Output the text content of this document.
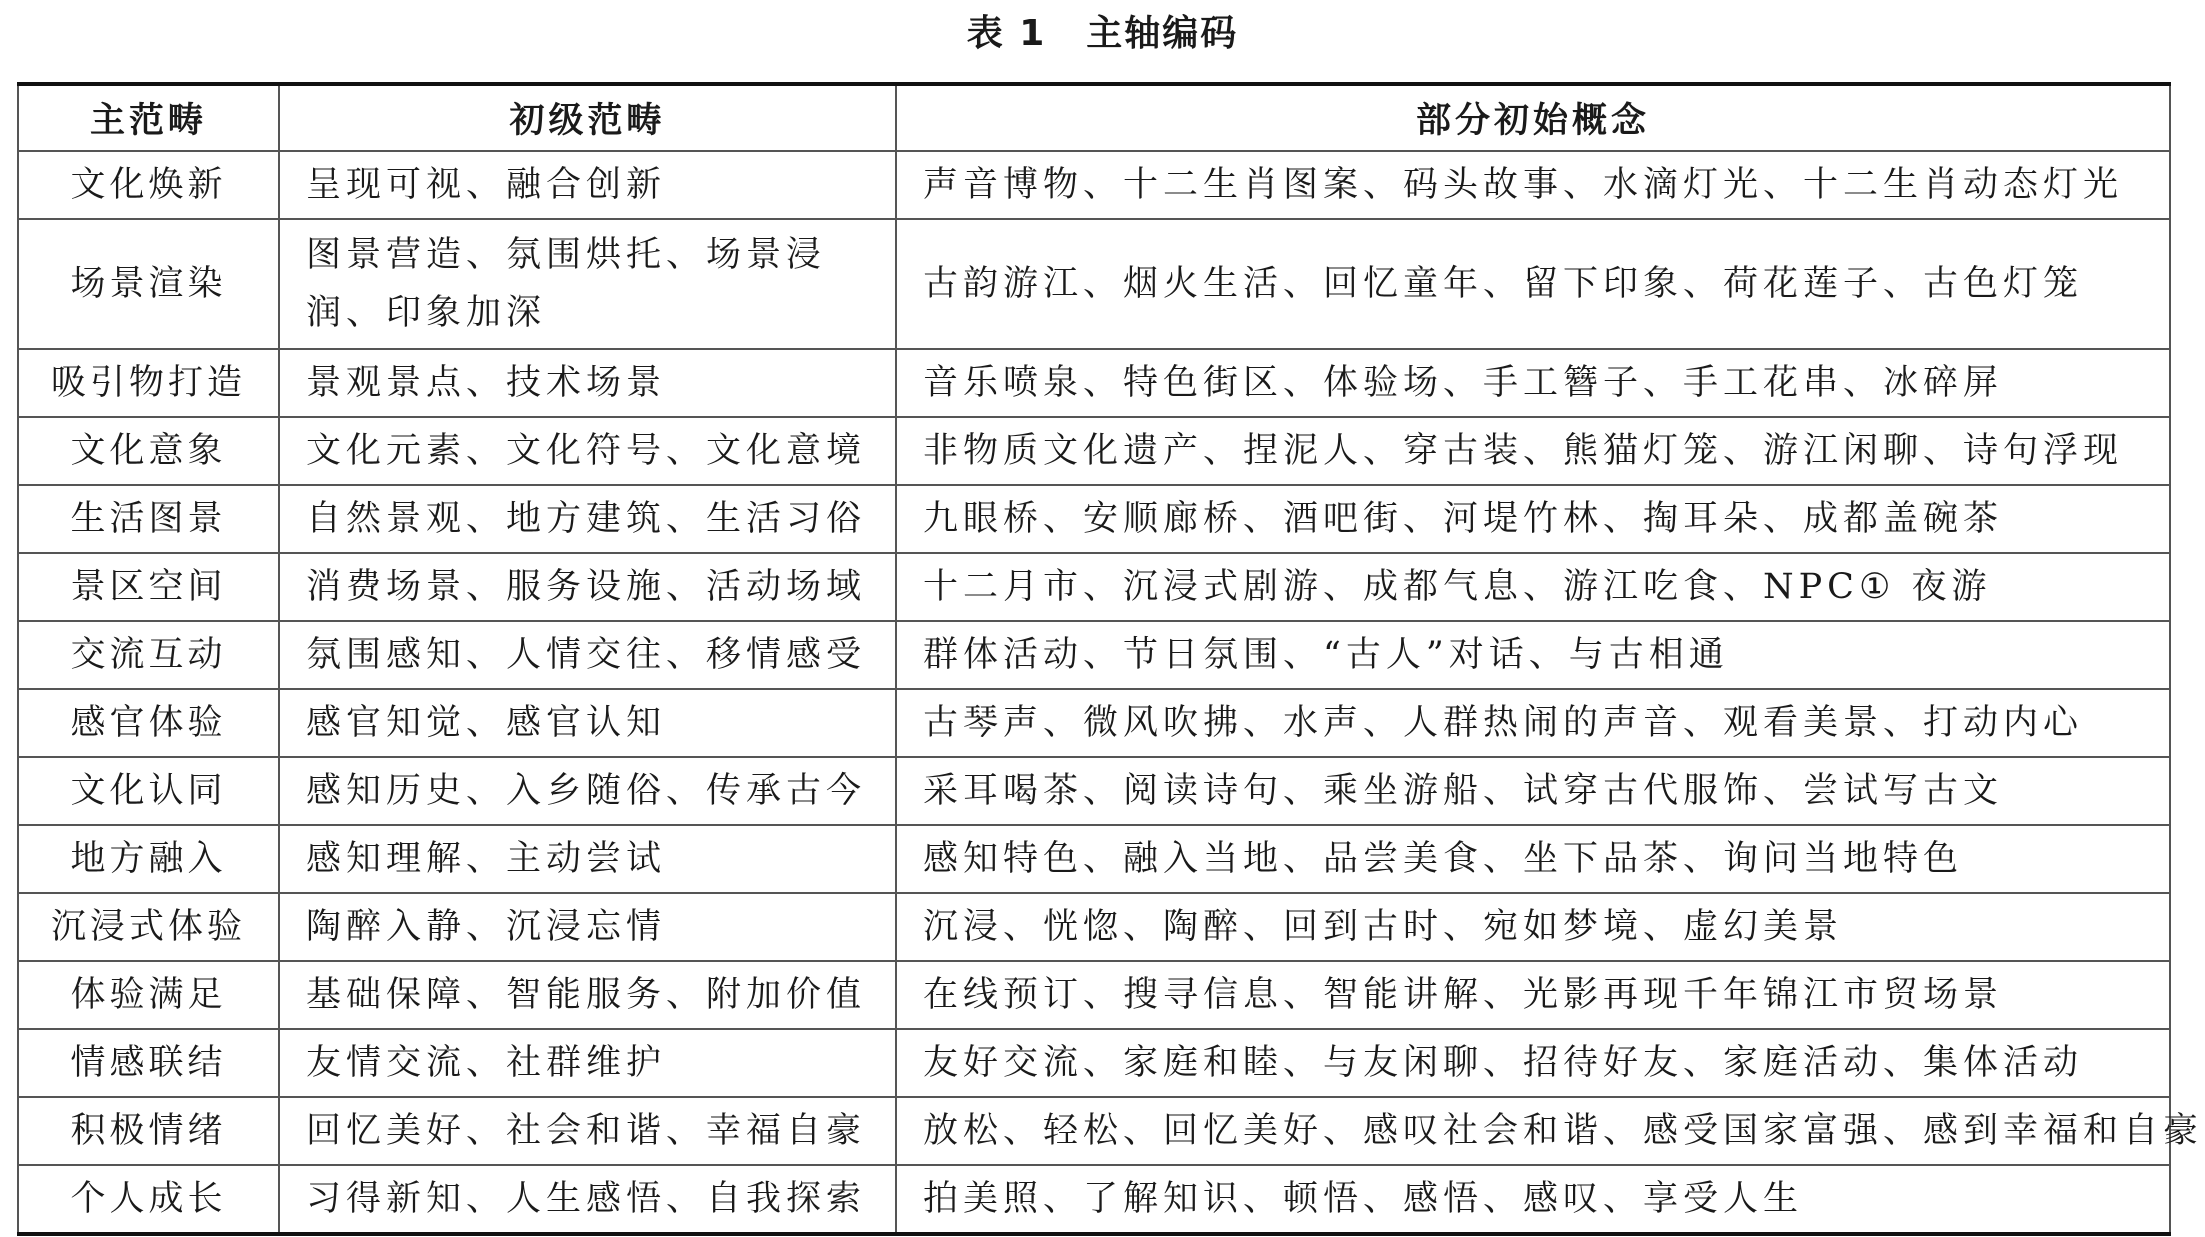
表 1 主轴编码
主范畴	初级范畴	部分初始概念
文化焕新	呈现可视、融合创新	声音博物、十二生肖图案、码头故事、水滴灯光、十二生肖动态灯光
场景渲染	图景营造、氛围烘托、场景浸润、印象加深	古韵游江、烟火生活、回忆童年、留下印象、荷花莲子、古色灯笼
吸引物打造	景观景点、技术场景	音乐喷泉、特色街区、体验场、手工簪子、手工花串、冰碎屏
文化意象	文化元素、文化符号、文化意境	非物质文化遗产、捏泥人、穿古装、熊猫灯笼、游江闲聊、诗句浮现
生活图景	自然景观、地方建筑、生活习俗	九眼桥、安顺廊桥、酒吧街、河堤竹林、掏耳朵、成都盖碗茶
景区空间	消费场景、服务设施、活动场域	十二月市、沉浸式剧游、成都气息、游江吃食、NPC① 夜游
交流互动	氛围感知、人情交往、移情感受	群体活动、节日氛围、“古人”对话、与古相通
感官体验	感官知觉、感官认知	古琴声、微风吹拂、水声、人群热闹的声音、观看美景、打动内心
文化认同	感知历史、入乡随俗、传承古今	采耳喝茶、阅读诗句、乘坐游船、试穿古代服饰、尝试写古文
地方融入	感知理解、主动尝试	感知特色、融入当地、品尝美食、坐下品茶、询问当地特色
沉浸式体验	陶醉入静、沉浸忘情	沉浸、恍惚、陶醉、回到古时、宛如梦境、虚幻美景
体验满足	基础保障、智能服务、附加价值	在线预订、搜寻信息、智能讲解、光影再现千年锦江市贸场景
情感联结	友情交流、社群维护	友好交流、家庭和睦、与友闲聊、招待好友、家庭活动、集体活动
积极情绪	回忆美好、社会和谐、幸福自豪	放松、轻松、回忆美好、感叹社会和谐、感受国家富强、感到幸福和自豪
个人成长	习得新知、人生感悟、自我探索	拍美照、了解知识、顿悟、感悟、感叹、享受人生
